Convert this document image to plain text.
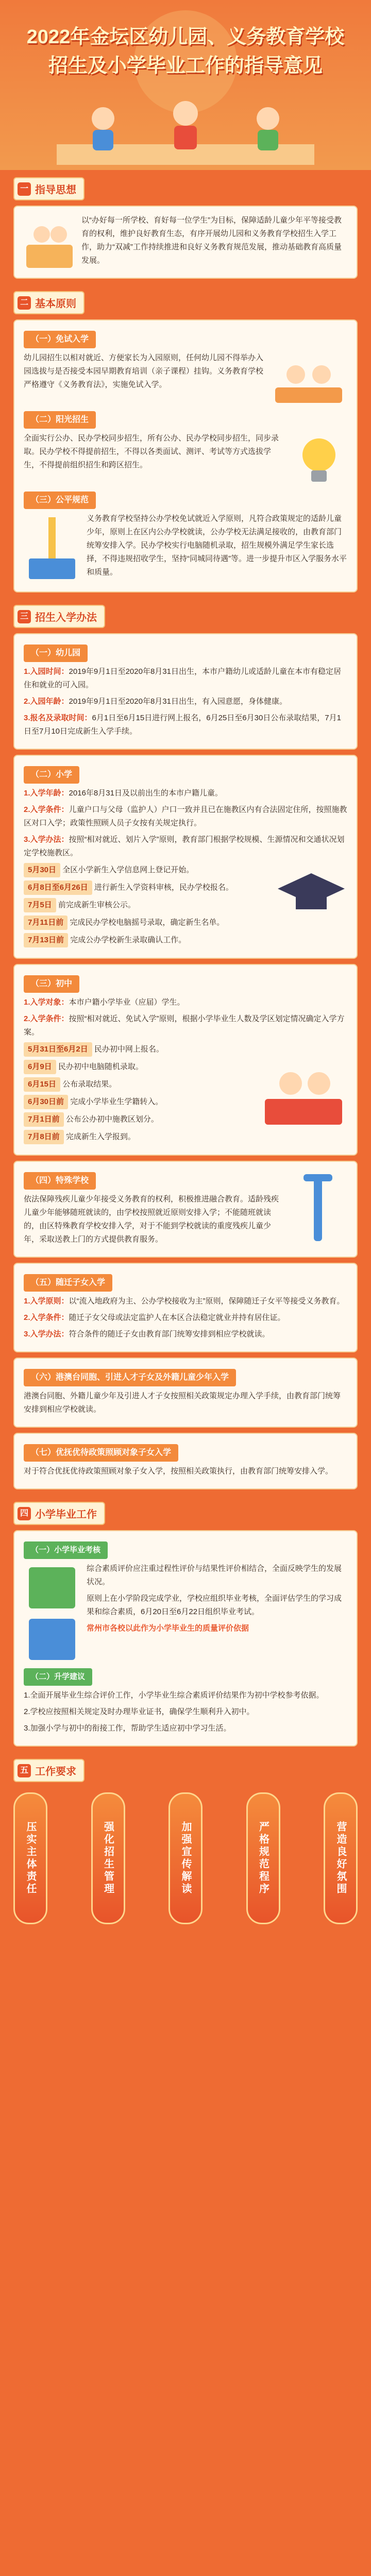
2022年金坛区幼儿园、义务教育学校
招生及小学毕业工作的指导意见
一 指导思想

以“办好每一所学校、育好每一位学生”为目标，保障适龄儿童少年平等接受教育的权利，维护良好教育生态，有序开展幼儿园和义务教育学校招生入学工作，助力“双减”工作持续推进和良好义务教育规范发展，推动基础教育高质量发展。

二 基本原则
（一）免试入学

幼儿园招生以相对就近、方便家长为入园原则，任何幼儿园不得举办入园选拔与是否接受本园早期教育培训（亲子课程）挂钩。义务教育学校严格遵守《义务教育法》，实施免试入学。

（二）阳光招生

全面实行公办、民办学校同步招生，所有公办、民办学校同步招生，同步录取。民办学校不得提前招生，不得以各类面试、测评、考试等方式选拔学生，不得提前组织招生和跨区招生。

（三）公平规范

义务教育学校坚持公办学校免试就近入学原则，凡符合政策规定的适龄儿童少年，原则上在区内公办学校就读，公办学校无法满足接收的，由教育部门统筹安排入学。民办学校实行电脑随机录取，招生规模外满足学生家长选择，不得违规招收学生，坚持“同城同待遇”等。进一步提升市区入学服务水平和质量。

三 招生入学办法
（一）幼儿园

1.入园时间：2019年9月1日至2020年8月31日出生，本市户籍幼儿或适龄儿童在本市有稳定居住和就业的可入园。

2.入园年龄：2019年9月1日至2020年8月31日出生，有入园意愿，身体健康。

3.报名及录取时间：6月1日至6月15日进行网上报名，6月25日至6月30日公布录取结果，7月1日至7月10日完成新生入学手续。

（二）小学

1.入学年龄：2016年8月31日及以前出生的本市户籍儿童。

2.入学条件：儿童户口与父母（监护人）户口一致并且已在施教区内有合法固定住所，按照施教区对口入学；政策性照顾人员子女按有关规定执行。

3.入学办法：按照“相对就近、划片入学”原则，教育部门根据学校规模、生源情况和交通状况划定学校施教区。

5月30日 全区小学新生入学信息网上登记开始。

6月8日至6月26日 进行新生入学资料审核，民办学校报名。

7月5日 前完成新生审核公示。

7月11日前 完成民办学校电脑摇号录取，确定新生名单。

7月13日前 完成公办学校新生录取确认工作。

（三）初中

1.入学对象：本市户籍小学毕业（应届）学生。

2.入学条件：按照“相对就近、免试入学”原则，根据小学毕业生人数及学区划定情况确定入学方案。

5月31日至6月2日 民办初中网上报名。

6月9日 民办初中电脑随机录取。

6月15日 公布录取结果。

6月30日前 完成小学毕业生学籍转入。

7月1日前 公布公办初中施教区划分。

7月8日前 完成新生入学报到。

（四）特殊学校

依法保障残疾儿童少年接受义务教育的权利，积极推进融合教育。适龄残疾儿童少年能够随班就读的，由学校按照就近原则安排入学；不能随班就读的，由区特殊教育学校安排入学，对于不能到学校就读的重度残疾儿童少年，采取送教上门的方式提供教育服务。

（五）随迁子女入学

1.入学原则：以“流入地政府为主、公办学校接收为主”原则，保障随迁子女平等接受义务教育。

2.入学条件：随迁子女父母或法定监护人在本区合法稳定就业并持有居住证。

3.入学办法：符合条件的随迁子女由教育部门统筹安排到相应学校就读。

（六）港澳台同胞、引进人才子女及外籍儿童少年入学

港澳台同胞、外籍儿童少年及引进人才子女按照相关政策规定办理入学手续，由教育部门统筹安排到相应学校就读。

（七）优抚优待政策照顾对象子女入学

对于符合优抚优待政策照顾对象子女入学，按照相关政策执行，由教育部门统筹安排入学。

四 小学毕业工作
（一）小学毕业考核

综合素质评价应注重过程性评价与结果性评价相结合，全面反映学生的发展状况。

原则上在小学阶段完成学业，学校应组织毕业考核，全面评估学生的学习成果和综合素质，6月20日至6月22日组织毕业考试。

常州市各校以此作为小学毕业生的质量评价依据

（二）升学建议

1.全面开展毕业生综合评价工作，小学毕业生综合素质评价结果作为初中学校参考依据。

2.学校应按照相关规定及时办理毕业证书，确保学生顺利升入初中。

3.加强小学与初中的衔接工作，帮助学生适应初中学习生活。

五 工作要求
压实主体责任	强化招生管理	加强宣传解读	严格规范程序	营造良好氛围
